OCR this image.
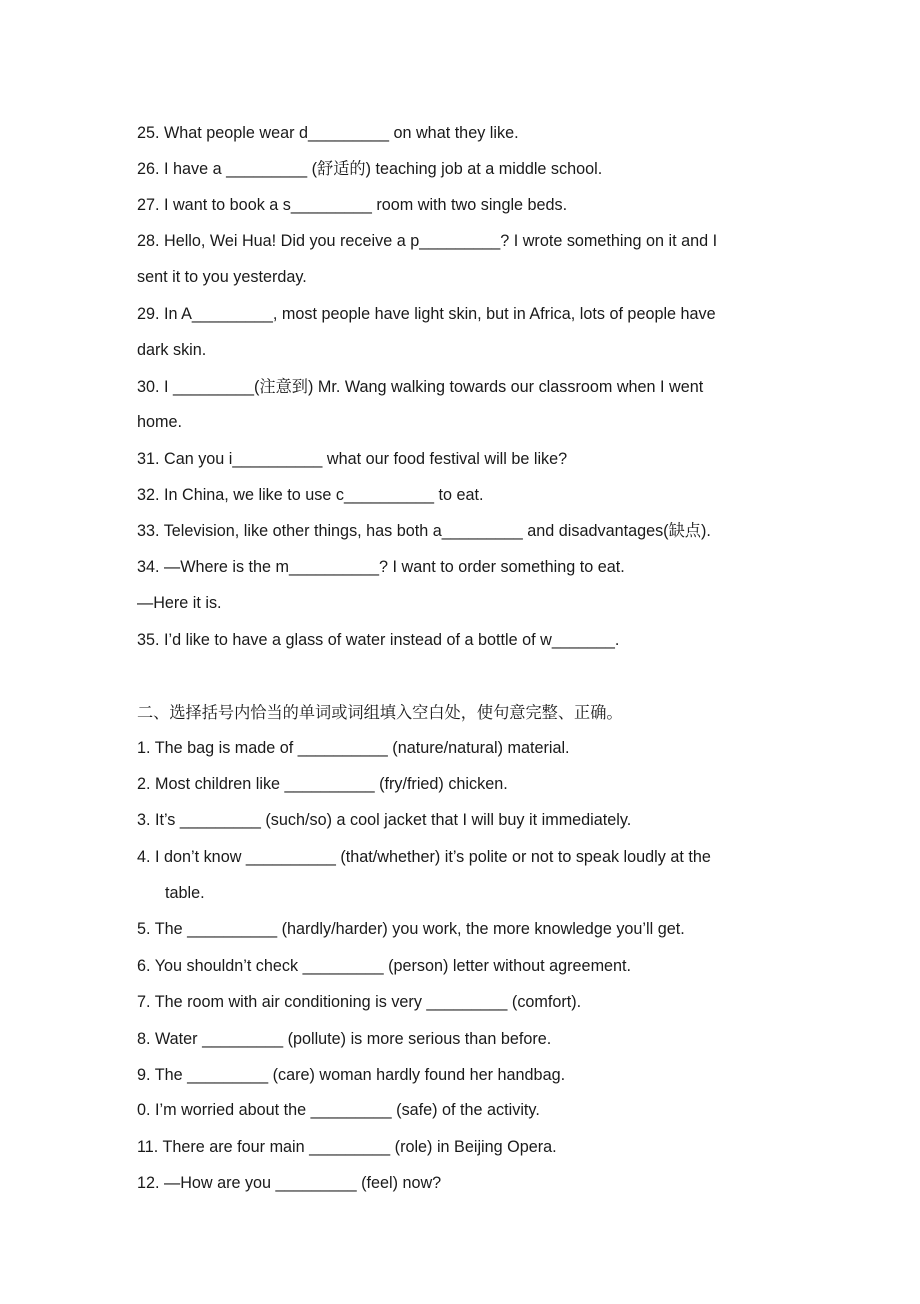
25. What people wear d_________ on what they like.
26. I have a _________ (舒适的) teaching job at a middle school.
27. I want to book a s_________ room with two single beds.
28. Hello, Wei Hua! Did you receive a p_________? I wrote something on it and I
sent it to you yesterday.
29. In A_________, most people have light skin, but in Africa, lots of people have
dark skin.
30. I _________(注意到) Mr. Wang walking towards our classroom when I went
home.
31. Can you i__________ what our food festival will be like?
32. In China, we like to use c__________ to eat.
33. Television, like other things, has both a_________ and disadvantages(缺点).
34. —Where is the m__________? I want to order something to eat.
—Here it is.
35. I’d like to have a glass of water instead of a bottle of w_______.
二、选择括号内恰当的单词或词组填入空白处，使句意完整、正确。
1. The bag is made of __________ (nature/natural) material.
2. Most children like __________ (fry/fried) chicken.
3. It’s _________ (such/so) a cool jacket that I will buy it immediately.
4. I don’t know __________ (that/whether) it’s polite or not to speak loudly at the
table.
5. The __________ (hardly/harder) you work, the more knowledge you’ll get.
6. You shouldn’t check _________ (person) letter without agreement.
7. The room with air conditioning is very _________ (comfort).
8. Water _________ (pollute) is more serious than before.
9. The _________ (care) woman hardly found her handbag.
0. I’m worried about the _________ (safe) of the activity.
11. There are four main _________ (role) in Beijing Opera.
12. —How are you _________ (feel) now?
